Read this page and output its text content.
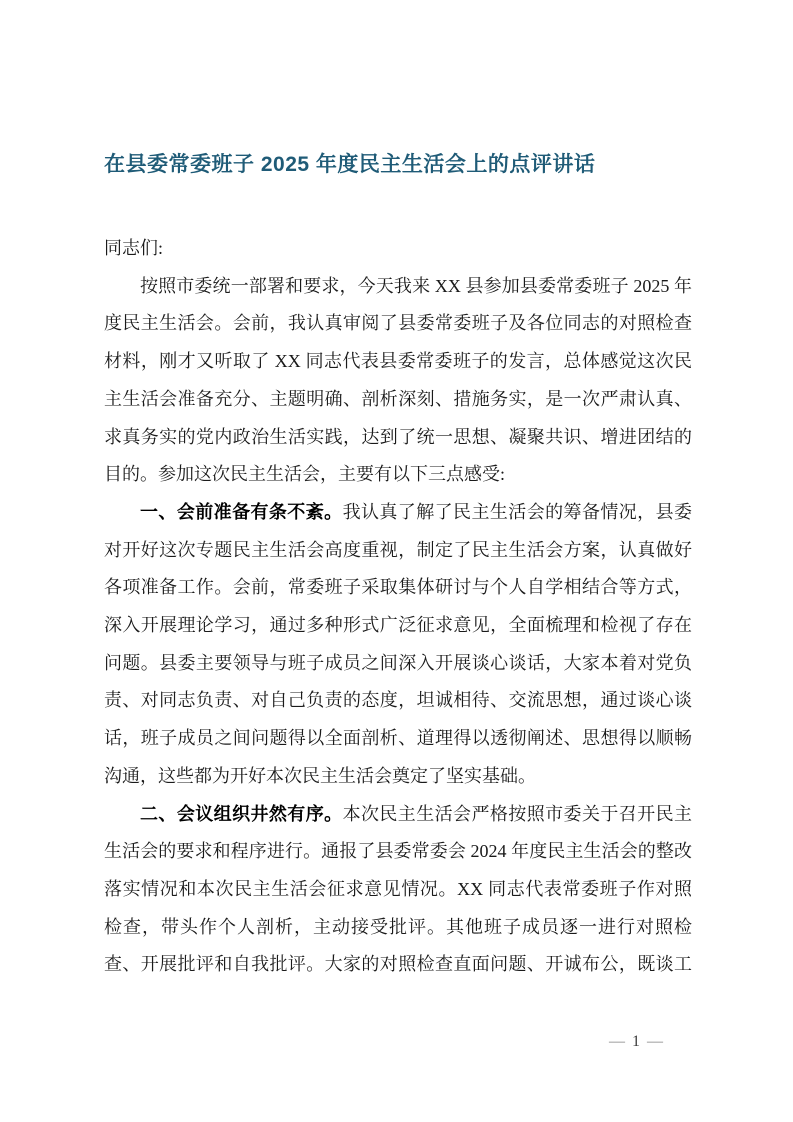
在县委常委班子 2025 年度民主生活会上的点评讲话
同志们:
按照市委统一部署和要求，今天我来 XX 县参加县委常委班子 2025 年度民主生活会。会前，我认真审阅了县委常委班子及各位同志的对照检查材料，刚才又听取了 XX 同志代表县委常委班子的发言，总体感觉这次民主生活会准备充分、主题明确、剖析深刻、措施务实，是一次严肃认真、求真务实的党内政治生活实践，达到了统一思想、凝聚共识、增进团结的目的。参加这次民主生活会，主要有以下三点感受:
一、会前准备有条不紊。我认真了解了民主生活会的筹备情况，县委对开好这次专题民主生活会高度重视，制定了民主生活会方案，认真做好各项准备工作。会前，常委班子采取集体研讨与个人自学相结合等方式，深入开展理论学习，通过多种形式广泛征求意见，全面梳理和检视了存在问题。县委主要领导与班子成员之间深入开展谈心谈话，大家本着对党负责、对同志负责、对自己负责的态度，坦诚相待、交流思想，通过谈心谈话，班子成员之间问题得以全面剖析、道理得以透彻阐述、思想得以顺畅沟通，这些都为开好本次民主生活会奠定了坚实基础。
二、会议组织井然有序。本次民主生活会严格按照市委关于召开民主生活会的要求和程序进行。通报了县委常委会 2024 年度民主生活会的整改落实情况和本次民主生活会征求意见情况。XX 同志代表常委班子作对照检查，带头作个人剖析，主动接受批评。其他班子成员逐一进行对照检查、开展批评和自我批评。大家的对照检查直面问题、开诚布公，既谈工
— 1 —
